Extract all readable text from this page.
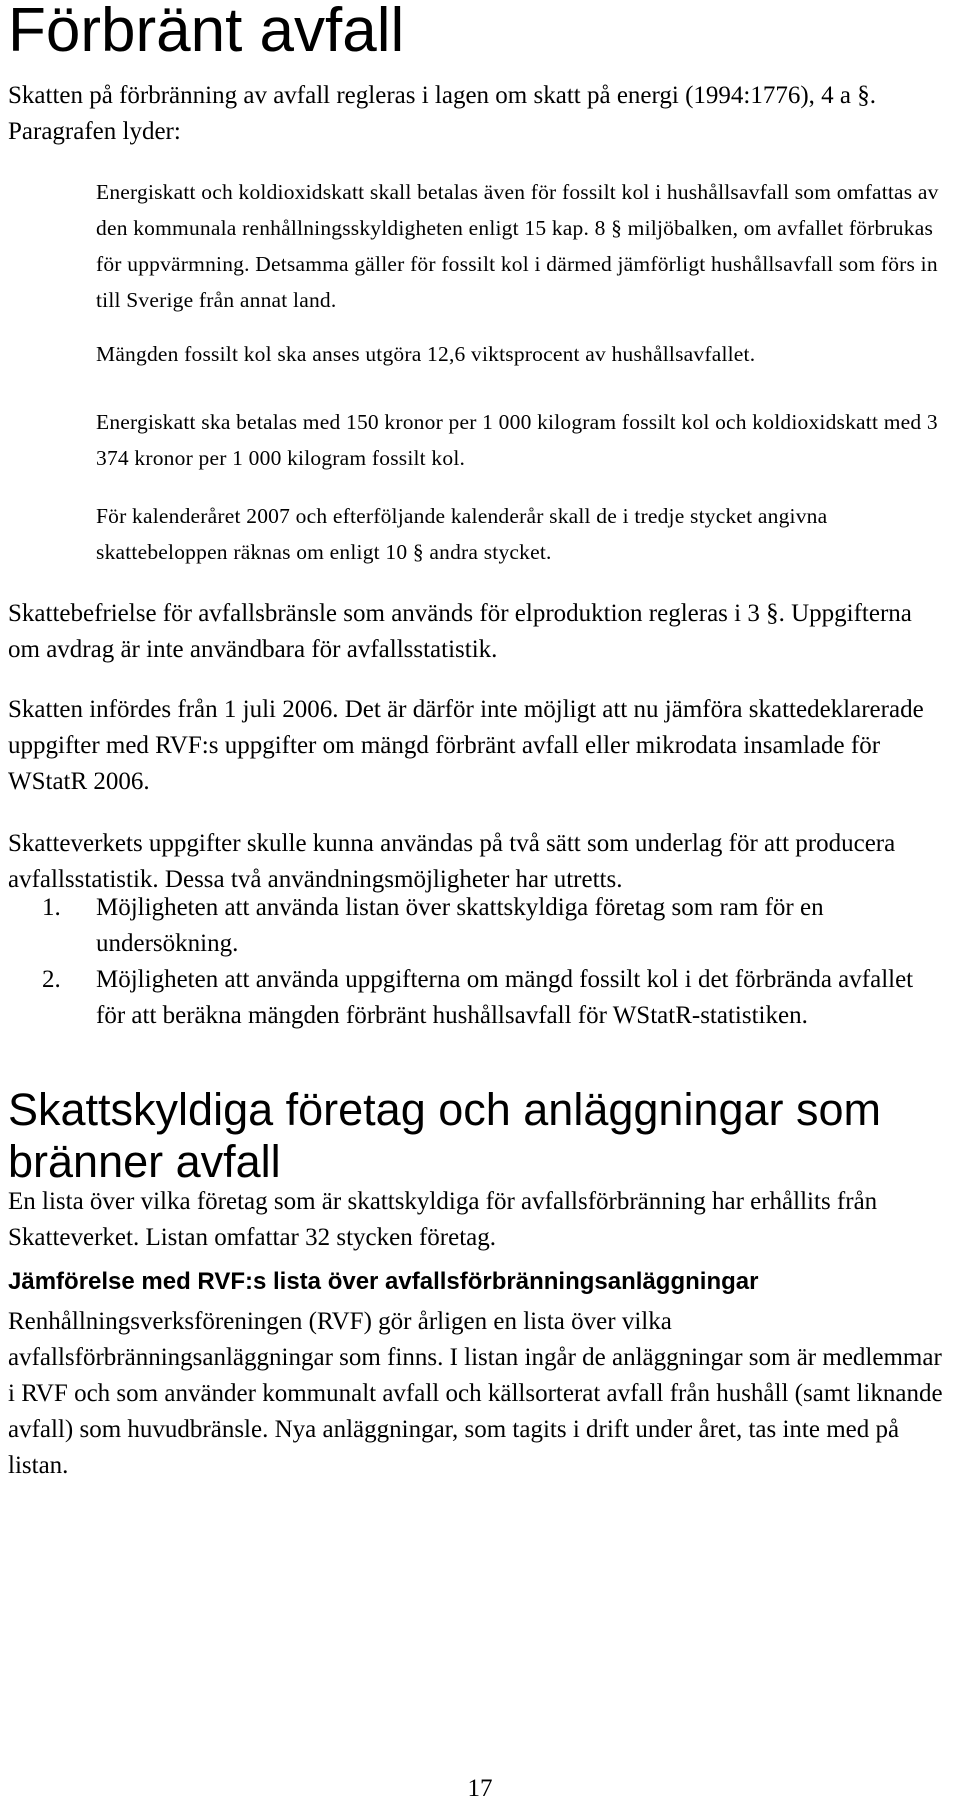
Förbränt avfall

Skatten på förbränning av avfall regleras i lagen om skatt på energi (1994:1776), 4 a §. Paragrafen lyder:

Energiskatt och koldioxidskatt skall betalas även för fossilt kol i hushållsavfall som omfattas av den kommunala renhållningsskyldigheten enligt 15 kap. 8 § miljöbalken, om avfallet förbrukas för uppvärmning. Detsamma gäller för fossilt kol i därmed jämförligt hushållsavfall som förs in till Sverige från annat land.

Mängden fossilt kol ska anses utgöra 12,6 viktsprocent av hushållsavfallet.

Energiskatt ska betalas med 150 kronor per 1 000 kilogram fossilt kol och koldioxidskatt med 3 374 kronor per 1 000 kilogram fossilt kol.

För kalenderåret 2007 och efterföljande kalenderår skall de i tredje stycket angivna skattebeloppen räknas om enligt 10 § andra stycket.

Skattebefrielse för avfallsbränsle som används för elproduktion regleras i 3 §. Uppgifterna om avdrag är inte användbara för avfallsstatistik.

Skatten infördes från 1 juli 2006. Det är därför inte möjligt att nu jämföra skattedeklarerade uppgifter med RVF:s uppgifter om mängd förbränt avfall eller mikrodata insamlade för WStatR 2006.

Skatteverkets uppgifter skulle kunna användas på två sätt som underlag för att producera avfallsstatistik. Dessa två användningsmöjligheter har utretts.

1. Möjligheten att använda listan över skattskyldiga företag som ram för en undersökning.
2. Möjligheten att använda uppgifterna om mängd fossilt kol i det förbrända avfallet för att beräkna mängden förbränt hushållsavfall för WStatR-statistiken.
Skattskyldiga företag och anläggningar som bränner avfall

En lista över vilka företag som är skattskyldiga för avfallsförbränning har erhållits från Skatteverket. Listan omfattar 32 stycken företag.

Jämförelse med RVF:s lista över avfallsförbränningsanläggningar

Renhållningsverksföreningen (RVF) gör årligen en lista över vilka avfallsförbränningsanläggningar som finns. I listan ingår de anläggningar som är medlemmar i RVF och som använder kommunalt avfall och källsorterat avfall från hushåll (samt liknande avfall) som huvudbränsle. Nya anläggningar, som tagits i drift under året, tas inte med på listan.

17
